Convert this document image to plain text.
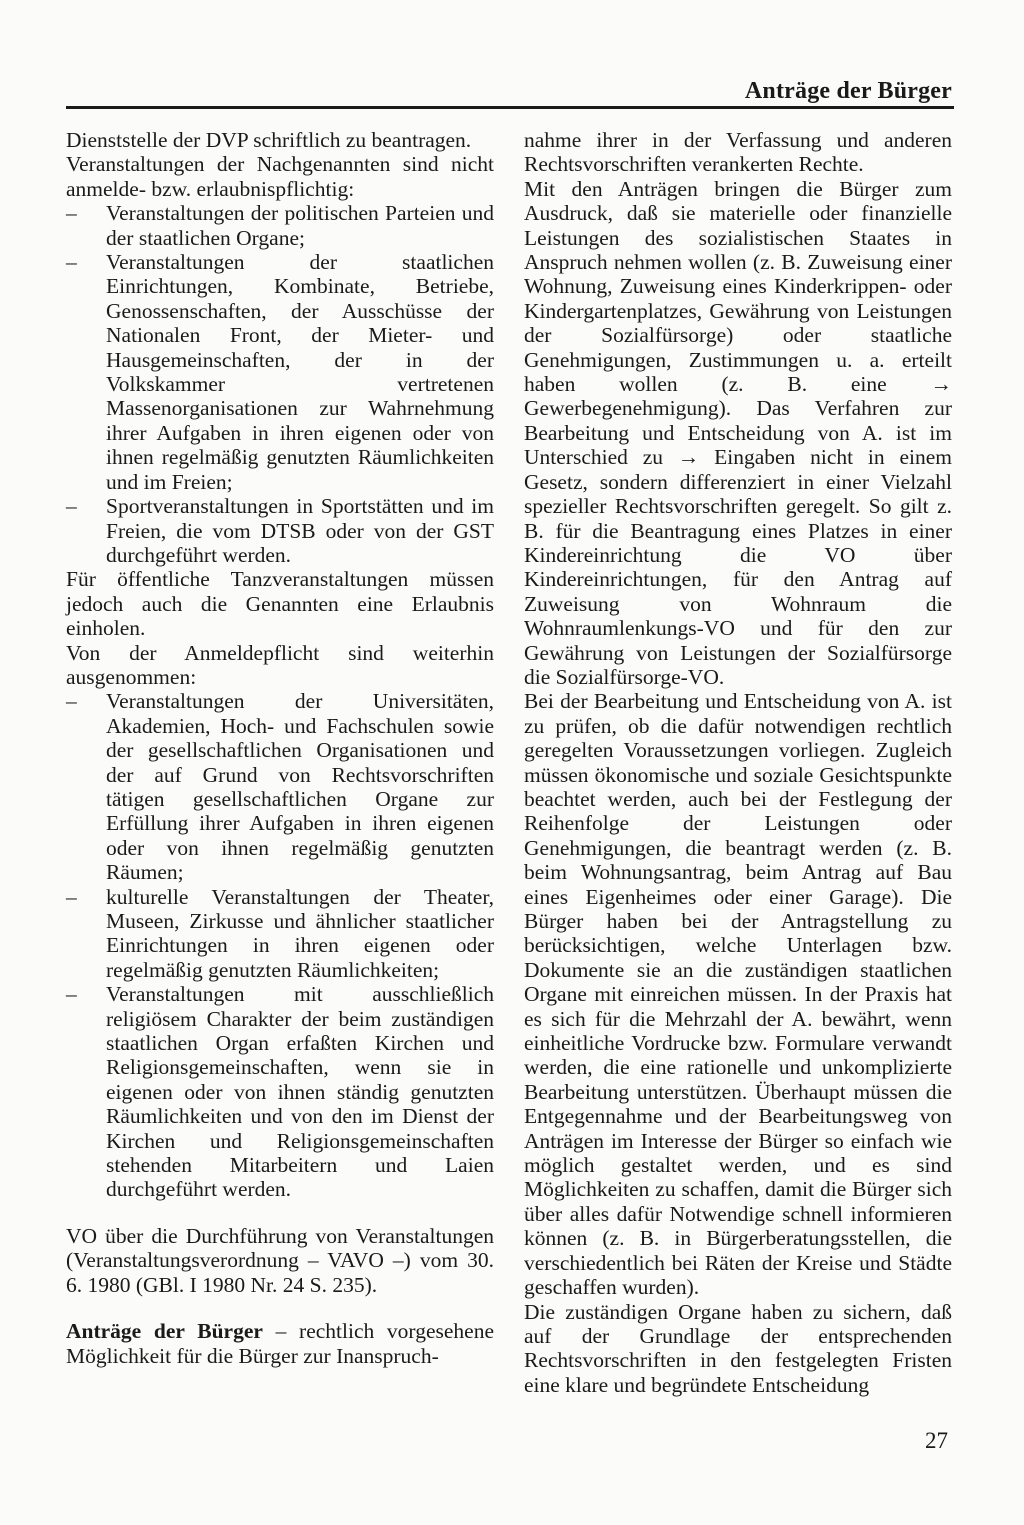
Anträge der Bürger

Dienststelle der DVP schriftlich zu beantragen.

Veranstaltungen der Nachgenannten sind nicht anmelde- bzw. erlaubnispflichtig:

–	Veranstaltungen der politischen Parteien und der staatlichen Organe;
–	Veranstaltungen der staatlichen Einrichtungen, Kombinate, Betriebe, Genossenschaften, der Ausschüsse der Nationalen Front, der Mieter- und Hausgemeinschaften, der in der Volkskammer vertretenen Massenorganisationen zur Wahrnehmung ihrer Aufgaben in ihren eigenen oder von ihnen regelmäßig genutzten Räumlichkeiten und im Freien;
–	Sportveranstaltungen in Sportstätten und im Freien, die vom DTSB oder von der GST durchgeführt werden.

Für öffentliche Tanzveranstaltungen müssen jedoch auch die Genannten eine Erlaubnis einholen.

Von der Anmeldepflicht sind weiterhin ausgenommen:

–	Veranstaltungen der Universitäten, Akademien, Hoch- und Fachschulen sowie der gesellschaftlichen Organisationen und der auf Grund von Rechtsvorschriften tätigen gesellschaftlichen Organe zur Erfüllung ihrer Aufgaben in ihren eigenen oder von ihnen regelmäßig genutzten Räumen;
–	kulturelle Veranstaltungen der Theater, Museen, Zirkusse und ähnlicher staatlicher Einrichtungen in ihren eigenen oder regelmäßig genutzten Räumlichkeiten;
–	Veranstaltungen mit ausschließlich religiösem Charakter der beim zuständigen staatlichen Organ erfaßten Kirchen und Religionsgemeinschaften, wenn sie in eigenen oder von ihnen ständig genutzten Räumlichkeiten und von den im Dienst der Kirchen und Religionsgemeinschaften stehenden Mitarbeitern und Laien durchgeführt werden.

VO über die Durchführung von Veranstaltungen (Veranstaltungsverordnung – VAVO –) vom 30. 6. 1980 (GBl. I 1980 Nr. 24 S. 235).

Anträge der Bürger – rechtlich vorgesehene Möglichkeit für die Bürger zur Inanspruch-

nahme ihrer in der Verfassung und anderen Rechtsvorschriften verankerten Rechte.

Mit den Anträgen bringen die Bürger zum Ausdruck, daß sie materielle oder finanzielle Leistungen des sozialistischen Staates in Anspruch nehmen wollen (z. B. Zuweisung einer Wohnung, Zuweisung eines Kinderkrippen- oder Kindergartenplatzes, Gewährung von Leistungen der Sozialfürsorge) oder staatliche Genehmigungen, Zustimmungen u. a. erteilt haben wollen (z. B. eine → Gewerbegenehmigung). Das Verfahren zur Bearbeitung und Entscheidung von A. ist im Unterschied zu → Eingaben nicht in einem Gesetz, sondern differenziert in einer Vielzahl spezieller Rechtsvorschriften geregelt. So gilt z. B. für die Beantragung eines Platzes in einer Kindereinrichtung die VO über Kindereinrichtungen, für den Antrag auf Zuweisung von Wohnraum die Wohnraumlenkungs-VO und für den zur Gewährung von Leistungen der Sozialfürsorge die Sozialfürsorge-VO.

Bei der Bearbeitung und Entscheidung von A. ist zu prüfen, ob die dafür notwendigen rechtlich geregelten Voraussetzungen vorliegen. Zugleich müssen ökonomische und soziale Gesichtspunkte beachtet werden, auch bei der Festlegung der Reihenfolge der Leistungen oder Genehmigungen, die beantragt werden (z. B. beim Wohnungsantrag, beim Antrag auf Bau eines Eigenheimes oder einer Garage). Die Bürger haben bei der Antragstellung zu berücksichtigen, welche Unterlagen bzw. Dokumente sie an die zuständigen staatlichen Organe mit einreichen müssen. In der Praxis hat es sich für die Mehrzahl der A. bewährt, wenn einheitliche Vordrucke bzw. Formulare verwandt werden, die eine rationelle und unkomplizierte Bearbeitung unterstützen. Überhaupt müssen die Entgegennahme und der Bearbeitungsweg von Anträgen im Interesse der Bürger so einfach wie möglich gestaltet werden, und es sind Möglichkeiten zu schaffen, damit die Bürger sich über alles dafür Notwendige schnell informieren können (z. B. in Bürgerberatungsstellen, die verschiedentlich bei Räten der Kreise und Städte geschaffen wurden).

Die zuständigen Organe haben zu sichern, daß auf der Grundlage der entsprechenden Rechtsvorschriften in den festgelegten Fristen eine klare und begründete Entscheidung

27
